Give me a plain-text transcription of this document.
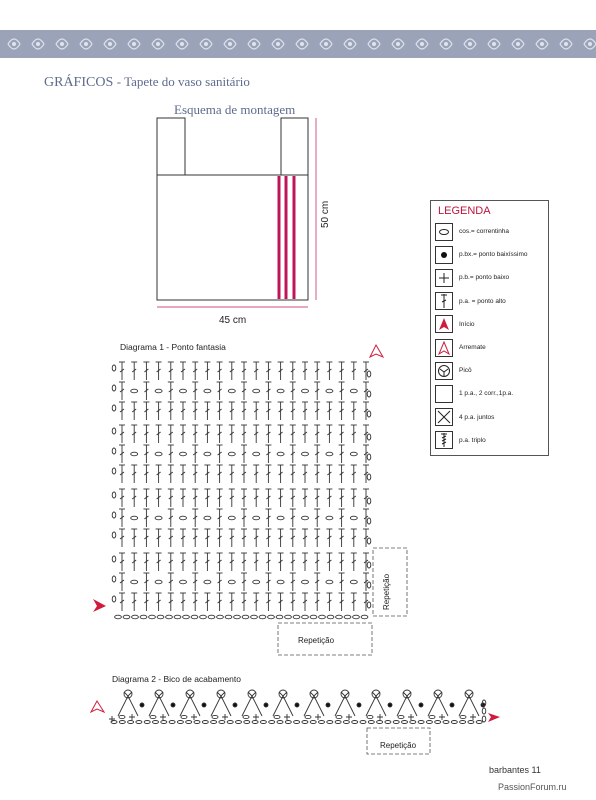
GRÁFICOS - Tapete do vaso sanitário
Esquema de montagem
45 cm
50 cm	LEGENDA
cos.= correntinha
p.bx.= ponto baixíssimo
p.b.= ponto baixo
p.a. = ponto alto
Início
Arremate
Picô
1 p.a., 2 corr.,1p.a.
4 p.a. juntos
p.a. triplo
Diagrama 1 - Ponto fantasia
Repetição
Repetição
Diagrama 2 - Bico de acabamento
Repetição
barbantes 11
PassionForum.ru
